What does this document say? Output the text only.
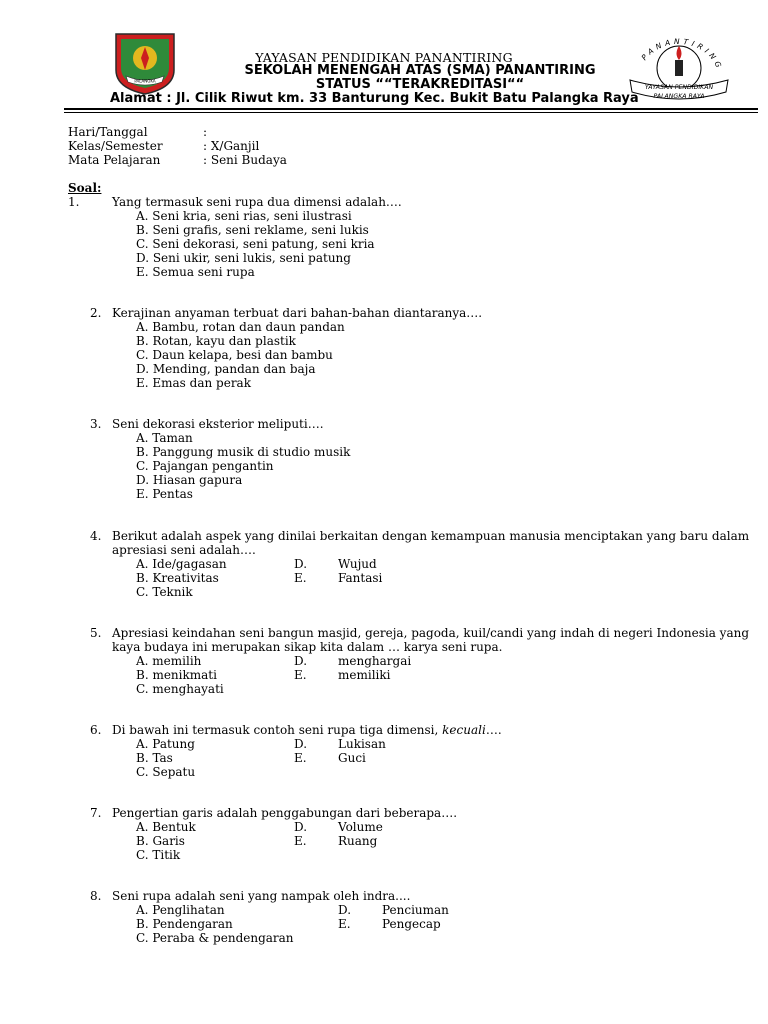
PALANGKA
PANANTIRING
YAYASAN PENDIDIKAN
PALANGKA RAYA
YAYASAN PENDIDIKAN PANANTIRING
SEKOLAH MENENGAH ATAS (SMA) PANANTIRING
STATUS ““TERAKREDITASI““
Alamat : Jl. Cilik Riwut km. 33 Banturung Kec. Bukit Batu Palangka Raya
Hari/Tanggal	:
Kelas/Semester	: X/Ganjil
Mata Pelajaran	: Seni Budaya
Soal:
1.	Yang termasuk seni rupa dua dimensi adalah….
A. Seni kria, seni rias, seni ilustrasi
B. Seni grafis, seni reklame, seni lukis
C. Seni dekorasi, seni patung, seni kria
D. Seni ukir, seni lukis, seni patung
E. Semua seni rupa
2. Kerajinan anyaman terbuat dari bahan-bahan diantaranya….
A. Bambu, rotan dan daun pandan
B. Rotan, kayu dan plastik
C. Daun kelapa, besi dan bambu
D. Mending, pandan dan baja
E. Emas dan perak
3. Seni dekorasi eksterior meliputi….
A. Taman
B. Panggung musik di studio musik
C. Pajangan pengantin
D. Hiasan gapura
E. Pentas
4. Berikut adalah aspek yang dinilai berkaitan dengan kemampuan manusia menciptakan yang baru dalam
apresiasi seni adalah….
A. Ide/gagasan	D.	Wujud
B. Kreativitas	E.	Fantasi
C. Teknik
5. Apresiasi keindahan seni bangun masjid, gereja, pagoda, kuil/candi yang indah di negeri Indonesia yang
kaya budaya ini merupakan sikap kita dalam … karya seni rupa.
A. memilih	D.	menghargai
B. menikmati	E.	memiliki
C. menghayati
6. Di bawah ini termasuk contoh seni rupa tiga dimensi, kecuali….
A. Patung	D.	Lukisan
B. Tas	E.	Guci
C. Sepatu
7. Pengertian garis adalah penggabungan dari beberapa….
A. Bentuk	D.	Volume
B. Garis	E.	Ruang
C. Titik
8. Seni rupa adalah seni yang nampak oleh indra....
A. Penglihatan	D.	Penciuman
B. Pendengaran	E.	Pengecap
C. Peraba & pendengaran
